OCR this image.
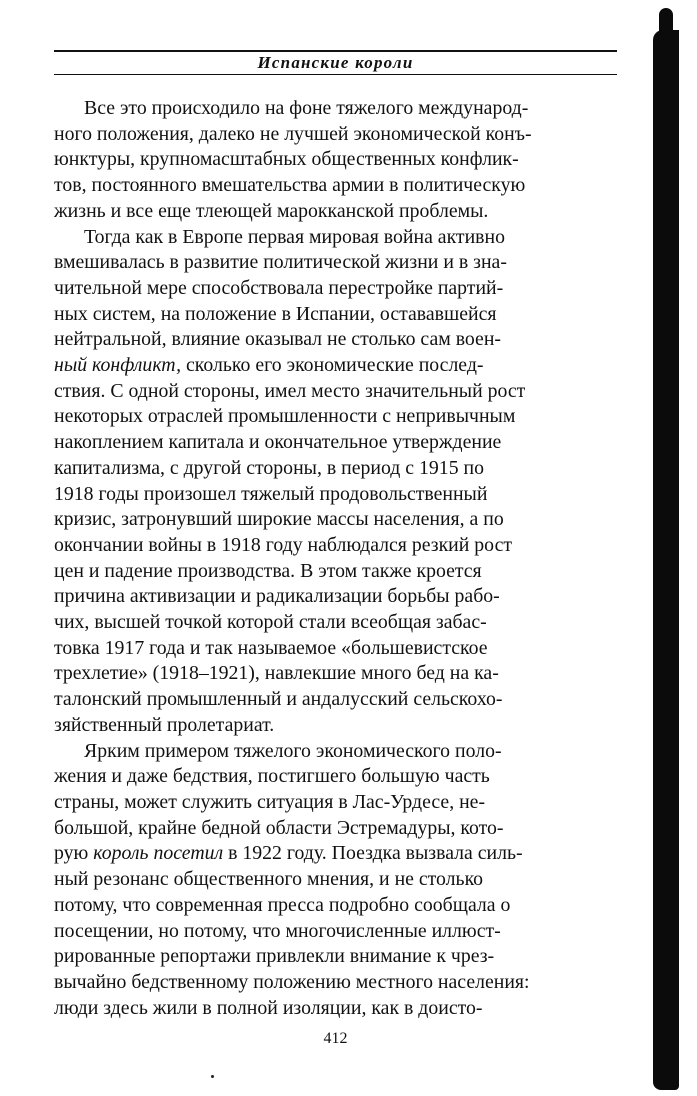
Испанские короли

Все это происходило на фоне тяжелого международ-
ного положения, далеко не лучшей экономической конъ-
юнктуры, крупномасштабных общественных конфлик-
тов, постоянного вмешательства армии в политическую
жизнь и все еще тлеющей марокканской проблемы.

Тогда как в Европе первая мировая война активно
вмешивалась в развитие политической жизни и в зна-
чительной мере способствовала перестройке партий-
ных систем, на положение в Испании, остававшейся
нейтральной, влияние оказывал не столько сам воен-
ный конфликт, сколько его экономические послед-
ствия. С одной стороны, имел место значительный рост
некоторых отраслей промышленности с непривычным
накоплением капитала и окончательное утверждение
капитализма, с другой стороны, в период с 1915 по
1918 годы произошел тяжелый продовольственный
кризис, затронувший широкие массы населения, а по
окончании войны в 1918 году наблюдался резкий рост
цен и падение производства. В этом также кроется
причина активизации и радикализации борьбы рабо-
чих, высшей точкой которой стали всеобщая забас-
товка 1917 года и так называемое «большевистское
трехлетие» (1918–1921), навлекшие много бед на ка-
талонский промышленный и андалусский сельскохо-
зяйственный пролетариат.

Ярким примером тяжелого экономического поло-
жения и даже бедствия, постигшего большую часть
страны, может служить ситуация в Лас-Урдесе, не-
большой, крайне бедной области Эстремадуры, кото-
рую король посетил в 1922 году. Поездка вызвала силь-
ный резонанс общественного мнения, и не столько
потому, что современная пресса подробно сообщала о
посещении, но потому, что многочисленные иллюст-
рированные репортажи привлекли внимание к чрез-
вычайно бедственному положению местного населения:
люди здесь жили в полной изоляции, как в доисто-

412
